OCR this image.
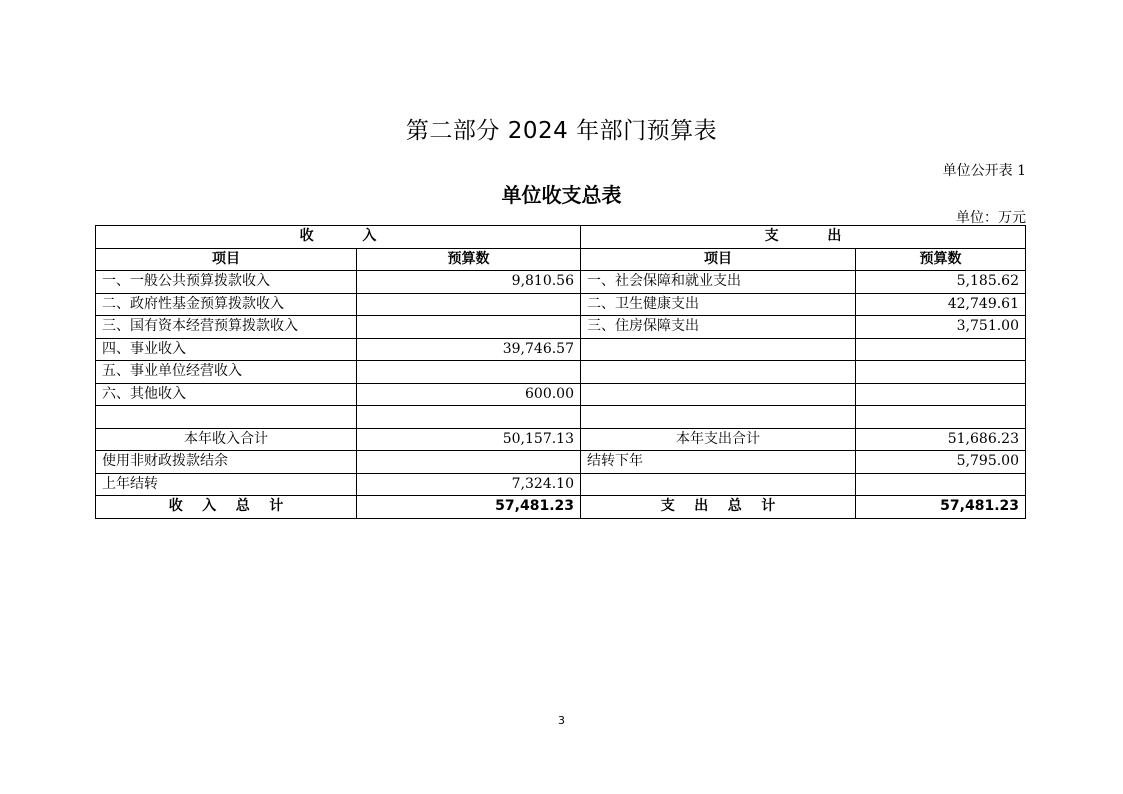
第二部分 2024 年部门预算表
单位公开表 1
单位收支总表
单位：万元
收          入		支          出	
项目	预算数	项目	预算数
一、一般公共预算拨款收入	9,810.56	一、社会保障和就业支出	5,185.62
二、政府性基金预算拨款收入		二、卫生健康支出	42,749.61
三、国有资本经营预算拨款收入		三、住房保障支出	3,751.00
四、事业收入	39,746.57		
五、事业单位经营收入			
六、其他收入	600.00		

本年收入合计	50,157.13	本年支出合计	51,686.23
使用非财政拨款结余		结转下年	5,795.00
上年结转	7,324.10		
收    入    总    计	57,481.23	支    出    总    计	57,481.23
3
